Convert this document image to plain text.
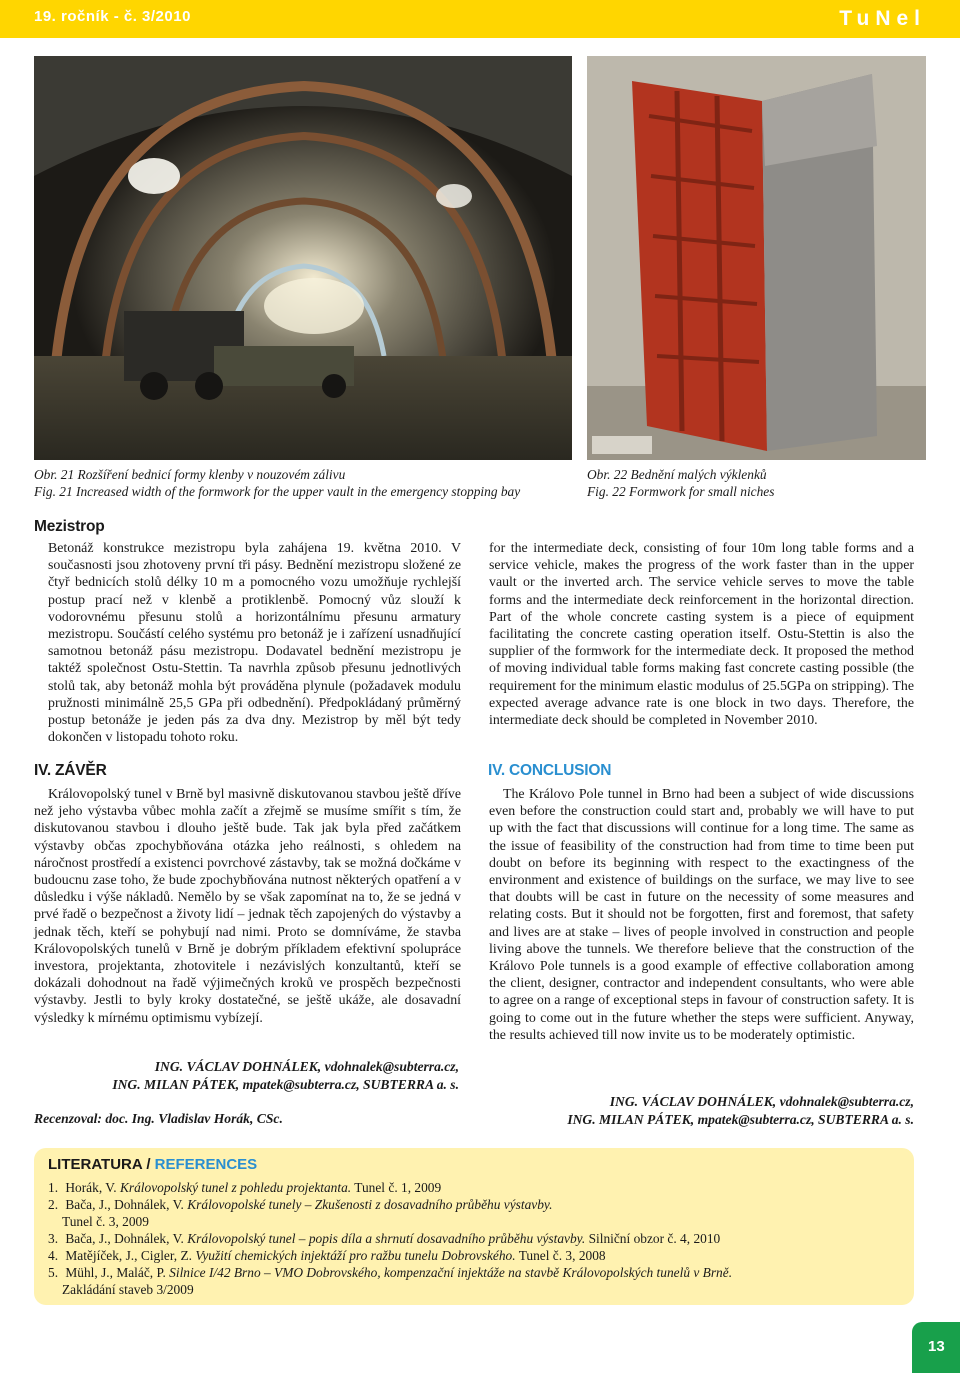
19. ročník - č. 3/2010	TuNel
Obr. 21 Rozšíření bednicí formy klenby v nouzovém zálivu
Fig. 21 Increased width of the formwork for the upper vault in the emergency stopping bay
Obr. 22 Bednění malých výklenků
Fig. 22 Formwork for small niches
Mezistrop
Betonáž konstrukce mezistropu byla zahájena 19. května 2010. V současnosti jsou zhotoveny první tři pásy. Bednění mezistropu složené ze čtyř bednicích stolů délky 10 m a pomocného vozu umožňuje rychlejší postup prací než v klenbě a protiklenbě. Pomocný vůz slouží k vodorovnému přesunu stolů a horizontálnímu přesunu armatury mezistropu. Součástí celého systému pro betonáž je i zařízení usnadňující samotnou betonáž pásu mezistropu. Dodavatel bednění mezistropu je taktéž společnost Ostu-Stettin. Ta navrhla způsob přesunu jednotlivých stolů tak, aby betonáž mohla být prováděna plynule (požadavek modulu pružnosti minimálně 25,5 GPa při odbednění). Předpokládaný průměrný postup betonáže je jeden pás za dva dny. Mezistrop by měl být tedy dokončen v listopadu tohoto roku.
for the intermediate deck, consisting of four 10m long table forms and a service vehicle, makes the progress of the work faster than in the upper vault or the inverted arch. The service vehicle serves to move the table forms and the intermediate deck reinforcement in the horizontal direction. Part of the whole concrete casting system is a piece of equipment facilitating the concrete casting operation itself. Ostu-Stettin is also the supplier of the formwork for the intermediate deck. It proposed the method of moving individual table forms making fast concrete casting possible (the requirement for the minimum elastic modulus of 25.5GPa on stripping). The expected average advance rate is one block in two days. Therefore, the intermediate deck should be completed in November 2010.
IV. ZÁVĚR
Královopolský tunel v Brně byl masivně diskutovanou stavbou ještě dříve než jeho výstavba vůbec mohla začít a zřejmě se musíme smířit s tím, že diskutovanou stavbou i dlouho ještě bude. Tak jak byla před začátkem výstavby občas zpochybňována otázka jeho reálnosti, s ohledem na náročnost prostředí a existenci povrchové zástavby, tak se možná dočkáme v budoucnu zase toho, že bude zpochybňována nutnost některých opatření a v důsledku i výše nákladů. Nemělo by se však zapomínat na to, že se jedná v prvé řadě o bezpečnost a životy lidí – jednak těch zapojených do výstavby a jednak těch, kteří se pohybují nad nimi. Proto se domníváme, že stavba Královopolských tunelů v Brně je dobrým příkladem efektivní spolupráce investora, projektanta, zhotovitele i nezávislých konzultantů, kteří se dokázali dohodnout na řadě výjimečných kroků ve prospěch bezpečnosti výstavby. Jestli to byly kroky dostatečné, se ještě ukáže, ale dosavadní výsledky k mírnému optimismu vybízejí.
IV. CONCLUSION
The Královo Pole tunnel in Brno had been a subject of wide discussions even before the construction could start and, probably we will have to put up with the fact that discussions will continue for a long time. The same as the issue of feasibility of the construction had from time to time been put doubt on before its beginning with respect to the exactingness of the environment and existence of buildings on the surface, we may live to see that doubts will be cast in future on the necessity of some measures and relating costs. But it should not be forgotten, first and foremost, that safety and lives are at stake – lives of people involved in construction and people living above the tunnels. We therefore believe that the construction of the Královo Pole tunnels is a good example of effective collaboration among the client, designer, contractor and independent consultants, who were able to agree on a range of exceptional steps in favour of construction safety. It is going to come out in the future whether the steps were sufficient. Anyway, the results achieved till now invite us to be moderately optimistic.
ING. VÁCLAV DOHNÁLEK, vdohnalek@subterra.cz,
ING. MILAN PÁTEK, mpatek@subterra.cz, SUBTERRA a. s.
Recenzoval: doc. Ing. Vladislav Horák, CSc.
ING. VÁCLAV DOHNÁLEK, vdohnalek@subterra.cz,
ING. MILAN PÁTEK, mpatek@subterra.cz, SUBTERRA a. s.
LITERATURA / REFERENCES
1. Horák, V. Královopolský tunel z pohledu projektanta. Tunel č. 1, 2009
2. Bača, J., Dohnálek, V. Královopolské tunely – Zkušenosti z dosavadního průběhu výstavby.
Tunel č. 3, 2009
3. Bača, J., Dohnálek, V. Královopolský tunel – popis díla a shrnutí dosavadního průběhu výstavby. Silniční obzor č. 4, 2010
4. Matějíček, J., Cigler, Z. Využití chemických injektáží pro ražbu tunelu Dobrovského. Tunel č. 3, 2008
5. Mühl, J., Maláč, P. Silnice I/42 Brno – VMO Dobrovského, kompenzační injektáže na stavbě Královopolských tunelů v Brně.
Zakládání staveb 3/2009
13
